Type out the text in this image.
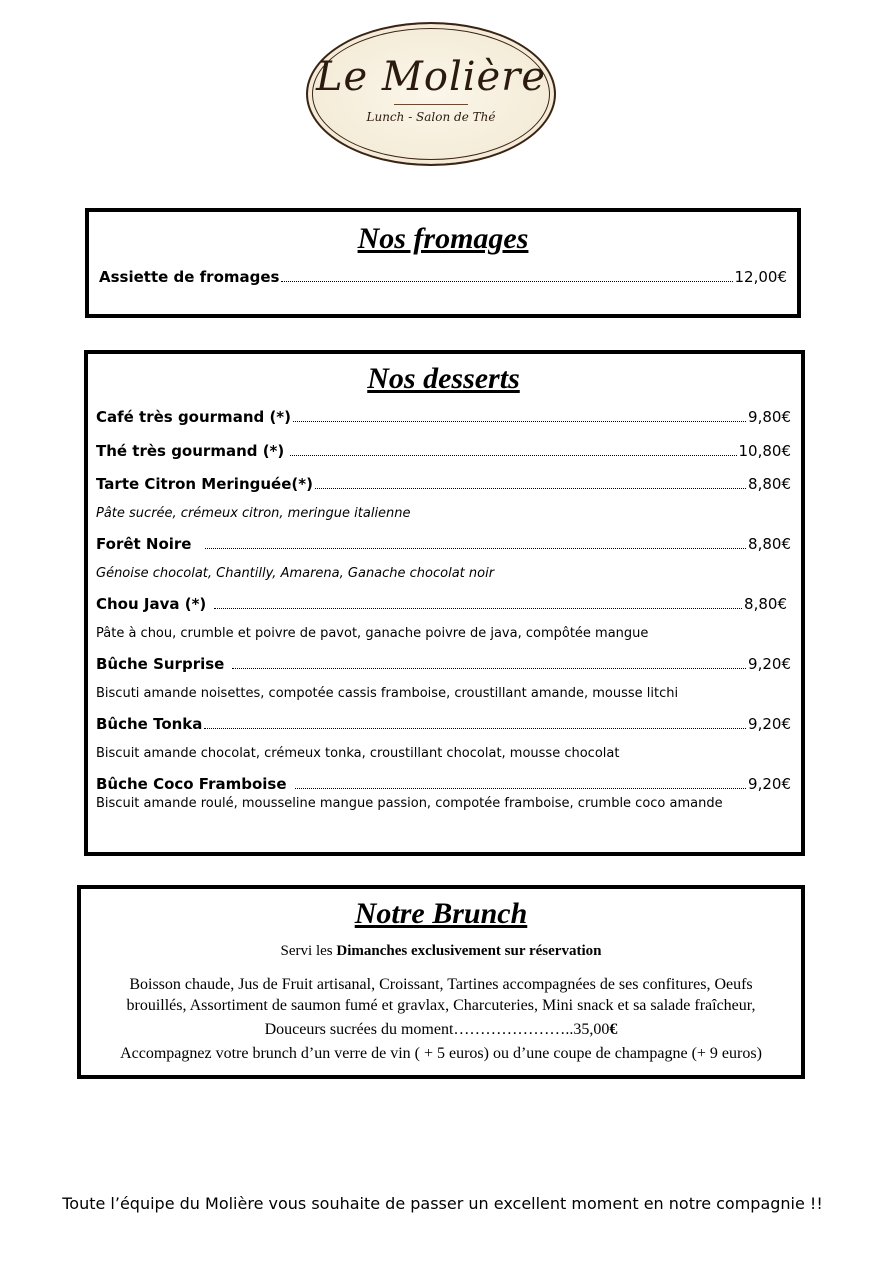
Le Molière
Lunch - Salon de Thé
Nos fromages
Assiette de fromages	12,00€
Nos desserts
Café très gourmand (*)	9,80€
Thé très gourmand (*)	10,80€
Tarte Citron Meringuée(*)	8,80€
Pâte sucrée, crémeux citron, meringue italienne
Forêt Noire	8,80€
Génoise chocolat, Chantilly, Amarena, Ganache chocolat noir
Chou Java (*)	8,80€
Pâte à chou, crumble et poivre de pavot, ganache poivre de java, compôtée mangue
Bûche Surprise	9,20€
Biscuti amande noisettes, compotée cassis framboise, croustillant amande, mousse litchi
Bûche Tonka	9,20€
Biscuit amande chocolat, crémeux tonka, croustillant chocolat, mousse chocolat
Bûche Coco Framboise	9,20€
Biscuit amande roulé, mousseline mangue passion, compotée framboise, crumble coco amande
Notre Brunch
Servi les Dimanches exclusivement sur réservation
Boisson chaude, Jus de Fruit artisanal, Croissant, Tartines accompagnées de ses confitures, Oeufs brouillés, Assortiment de saumon fumé et gravlax, Charcuteries, Mini snack et sa salade fraîcheur,
Douceurs sucrées du moment…………………..35,00€
Accompagnez votre brunch d’un verre de vin ( + 5 euros) ou d’une coupe de champagne (+ 9 euros)
Toute l’équipe du Molière vous souhaite de passer un excellent moment en notre compagnie !!
